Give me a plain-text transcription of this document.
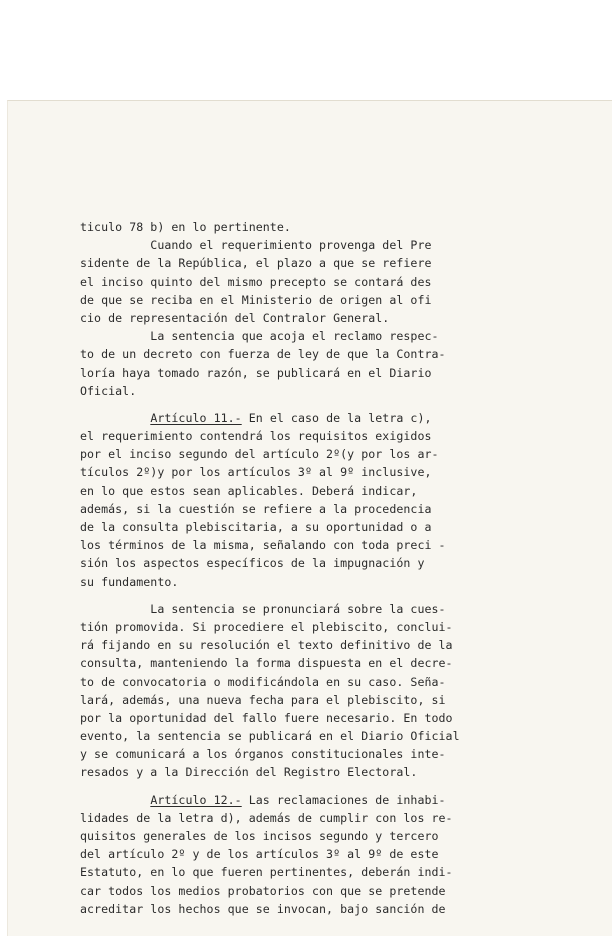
ticulo 78 b) en lo pertinente.
Cuando el requerimiento provenga del Pre
sidente de la República, el plazo a que se refiere
el inciso quinto del mismo precepto se contará des
de que se reciba en el Ministerio de origen al ofi
cio de representación del Contralor General.
La sentencia que acoja el reclamo respec-
to de un decreto con fuerza de ley de que la Contra-
loría haya tomado razón, se publicará en el Diario
Oficial.
Artículo 11.- En el caso de la letra c),
el requerimiento contendrá los requisitos exigidos
por el inciso segundo del artículo 2º(y por los ar-
tículos 2º)y por los artículos 3º al 9º inclusive,
en lo que estos sean aplicables. Deberá indicar,
además, si la cuestión se refiere a la procedencia
de la consulta plebiscitaria, a su oportunidad o a
los términos de la misma, señalando con toda preci -
sión los aspectos específicos de la impugnación y
su fundamento.
La sentencia se pronunciará sobre la cues-
tión promovida. Si procediere el plebiscito, conclui-
rá fijando en su resolución el texto definitivo de la
consulta, manteniendo la forma dispuesta en el decre-
to de convocatoria o modificándola en su caso. Seña-
lará, además, una nueva fecha para el plebiscito, si
por la oportunidad del fallo fuere necesario. En todo
evento, la sentencia se publicará en el Diario Oficial
y se comunicará a los órganos constitucionales inte-
resados y a la Dirección del Registro Electoral.
Artículo 12.- Las reclamaciones de inhabi-
lidades de la letra d), además de cumplir con los re-
quisitos generales de los incisos segundo y tercero
del artículo 2º y de los artículos 3º al 9º de este
Estatuto, en lo que fueren pertinentes, deberán indi-
car todos los medios probatorios con que se pretende
acreditar los hechos que se invocan, bajo sanción de
